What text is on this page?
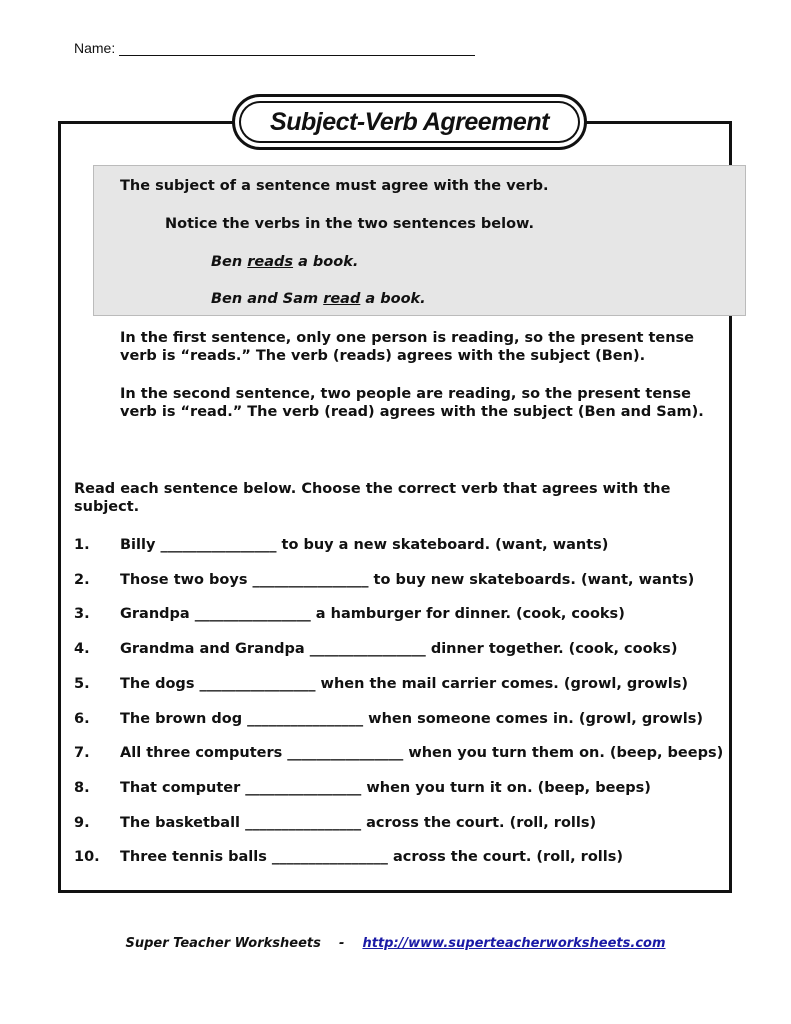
Name:
Subject-Verb Agreement
The subject of a sentence must agree with the verb.
Notice the verbs in the two sentences below.
Ben reads a book.
Ben and Sam read a book.
In the first sentence, only one person is reading, so the present tense
verb is “reads.” The verb (reads) agrees with the subject (Ben).
In the second sentence, two people are reading, so the present tense
verb is “read.” The verb (read) agrees with the subject (Ben and Sam).
Read each sentence below. Choose the correct verb that agrees with the
subject.
1. Billy ________________ to buy a new skateboard. (want, wants)
2. Those two boys ________________ to buy new skateboards. (want, wants)
3. Grandpa ________________ a hamburger for dinner. (cook, cooks)
4. Grandma and Grandpa ________________ dinner together. (cook, cooks)
5. The dogs ________________ when the mail carrier comes. (growl, growls)
6. The brown dog ________________ when someone comes in. (growl, growls)
7. All three computers ________________ when you turn them on. (beep, beeps)
8. That computer ________________ when you turn it on. (beep, beeps)
9. The basketball ________________ across the court. (roll, rolls)
10. Three tennis balls ________________ across the court. (roll, rolls)
Super Teacher Worksheets - http://www.superteacherworksheets.com
